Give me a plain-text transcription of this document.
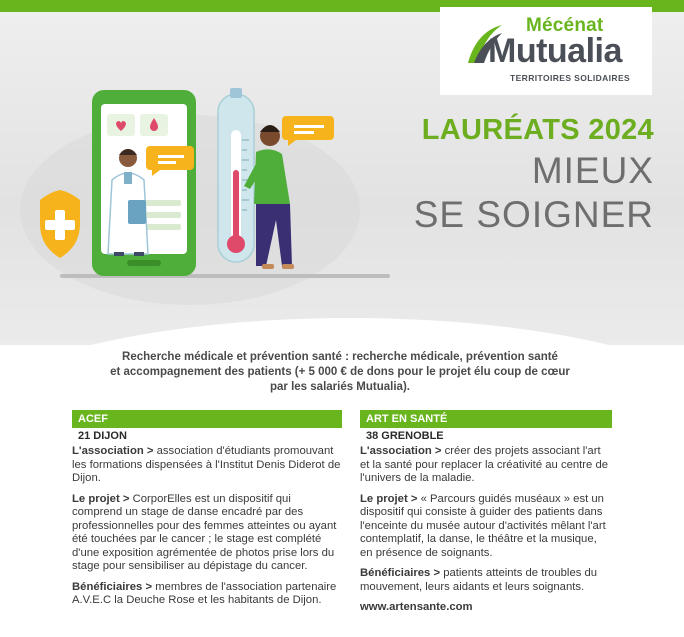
Mécénat
Mutualia
TERRITOIRES SOLIDAIRES
LAURÉATS 2024
MIEUX
SE SOIGNER
Recherche médicale et prévention santé : recherche médicale, prévention santé
et accompagnement des patients (+ 5 000 € de dons pour le projet élu coup de cœur
par les salariés Mutualia).
ACEF
21 DIJON

L'association > association d'étudiants promouvant les formations dispensées à l'Institut Denis Diderot de Dijon.

Le projet > CorporElles est un dispositif qui comprend un stage de danse encadré par des professionnelles pour des femmes atteintes ou ayant été touchées par le cancer ; le stage est complété d'une exposition agrémentée de photos prise lors du stage pour sensibiliser au dépistage du cancer.

Bénéficiaires > membres de l'association partenaire A.V.E.C la Deuche Rose et les habitants de Dijon.

ART EN SANTÉ
38 GRENOBLE

L'association > créer des projets associant l'art et la santé pour replacer la créativité au centre de l'univers de la maladie.

Le projet > « Parcours guidés muséaux » est un dispositif qui consiste à guider des patients dans l'enceinte du musée autour d'activités mêlant l'art contemplatif, la danse, le théâtre et la musique, en présence de soignants.

Bénéficiaires > patients atteints de troubles du mouvement, leurs aidants et leurs soignants.

www.artensante.com
